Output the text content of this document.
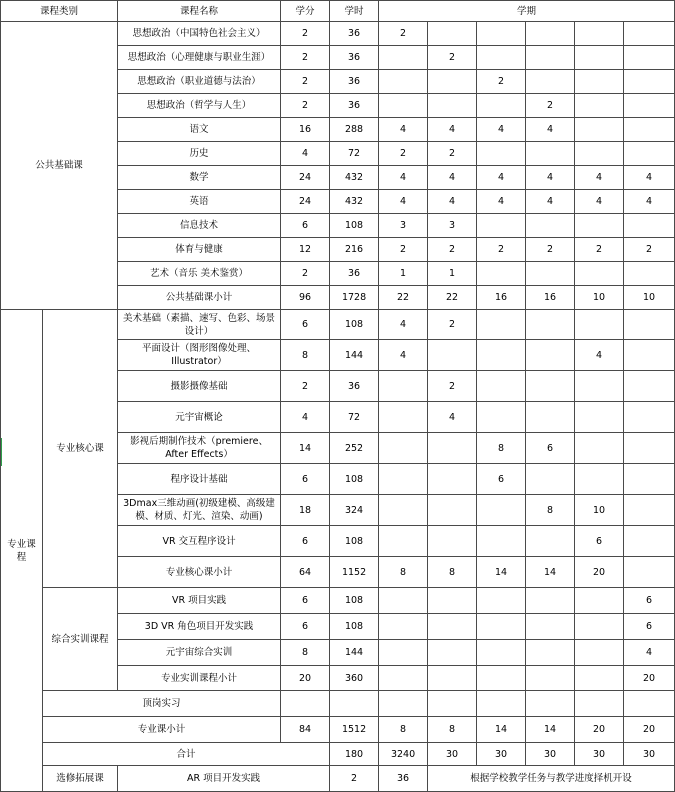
课程类别		课程名称	学分	学时	学期						
公共基础课		思想政治（中国特色社会主义）	2	36	2						
		思想政治（心理健康与职业生涯）	2	36		2					
		思想政治（职业道德与法治）	2	36			2				
		思想政治（哲学与人生）	2	36				2			
		语文	16	288	4	4	4	4			
		历史	4	72	2	2					
		数学	24	432	4	4	4	4	4	4	
		英语	24	432	4	4	4	4	4	4	
		信息技术	6	108	3	3					
		体育与健康	12	216	2	2	2	2	2	2	
		艺术（音乐 美术鉴赏）	2	36	1	1					
		公共基础课小计	96	1728	22	22	16	16	10	10	
专业课程	专业核心课	美术基础（素描、速写、色彩、场景设计）	6	108	4	2					
		平面设计（图形图像处理、Illustrator）	8	144	4				4		
		摄影摄像基础	2	36		2					
		元宇宙概论	4	72		4					
		影视后期制作技术（premiere、After Effects）	14	252			8	6			
		程序设计基础	6	108			6				
		3Dmax三维动画(初级建模、高级建模、材质、灯光、渲染、动画)	18	324				8	10		
		VR 交互程序设计	6	108					6		
		专业核心课小计	64	1152	8	8	14	14	20		
	综合实训课程	VR 项目实践	6	108						6	
		3D VR 角色项目开发实践	6	108						6	
		元宇宙综合实训	8	144						4	
		专业实训课程小计	20	360						20	
	顶岗实习										
	专业课小计		84	1512	8	8	14	14	20	20	
	合计			180	3240	30	30	30	30	30	
	选修拓展课	AR 项目开发实践		2	36	根据学校教学任务与教学进度择机开设					
